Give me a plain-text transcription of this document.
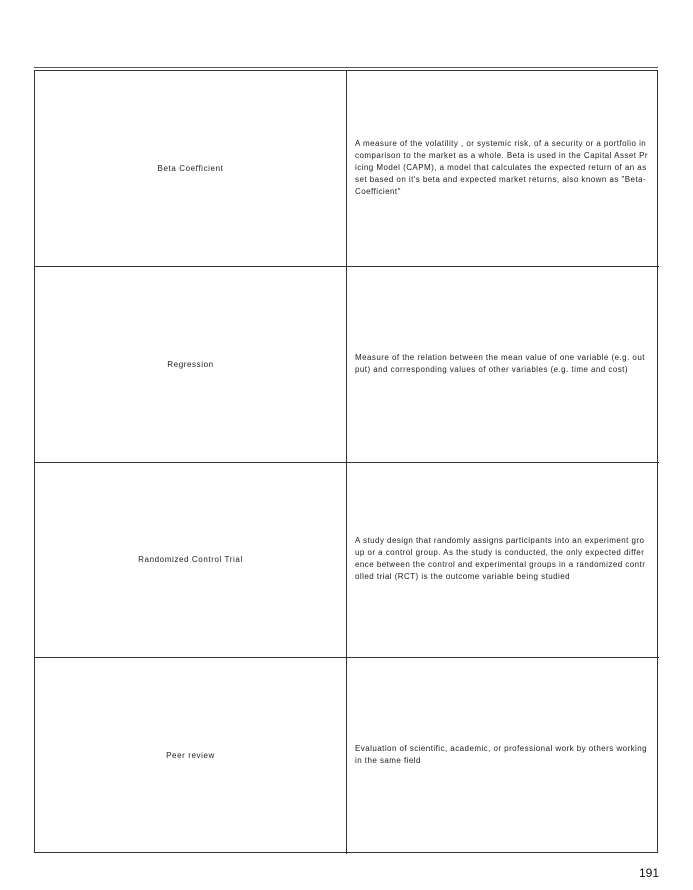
Beta Coefficient
A measure of the volatility , or systemic risk, of a security or a portfolio in comparison to the market as a whole. Beta is used in the Capital Asset Pricing Model (CAPM), a model that calculates the expected return of an asset based on it's beta and expected market returns, also known as "Beta-Coefficient"
Regression
Measure of the relation between the mean value of one variable (e.g. output) and corresponding values of other variables (e.g. time and cost)
Randomized Control Trial
A study design that randomly assigns participants into an experiment group or a control group. As the study is conducted, the only expected difference between the control and experimental groups in a randomized controlled trial (RCT) is the outcome variable being studied
Peer review
Evaluation of scientific, academic, or professional work by others working in the same field
191
